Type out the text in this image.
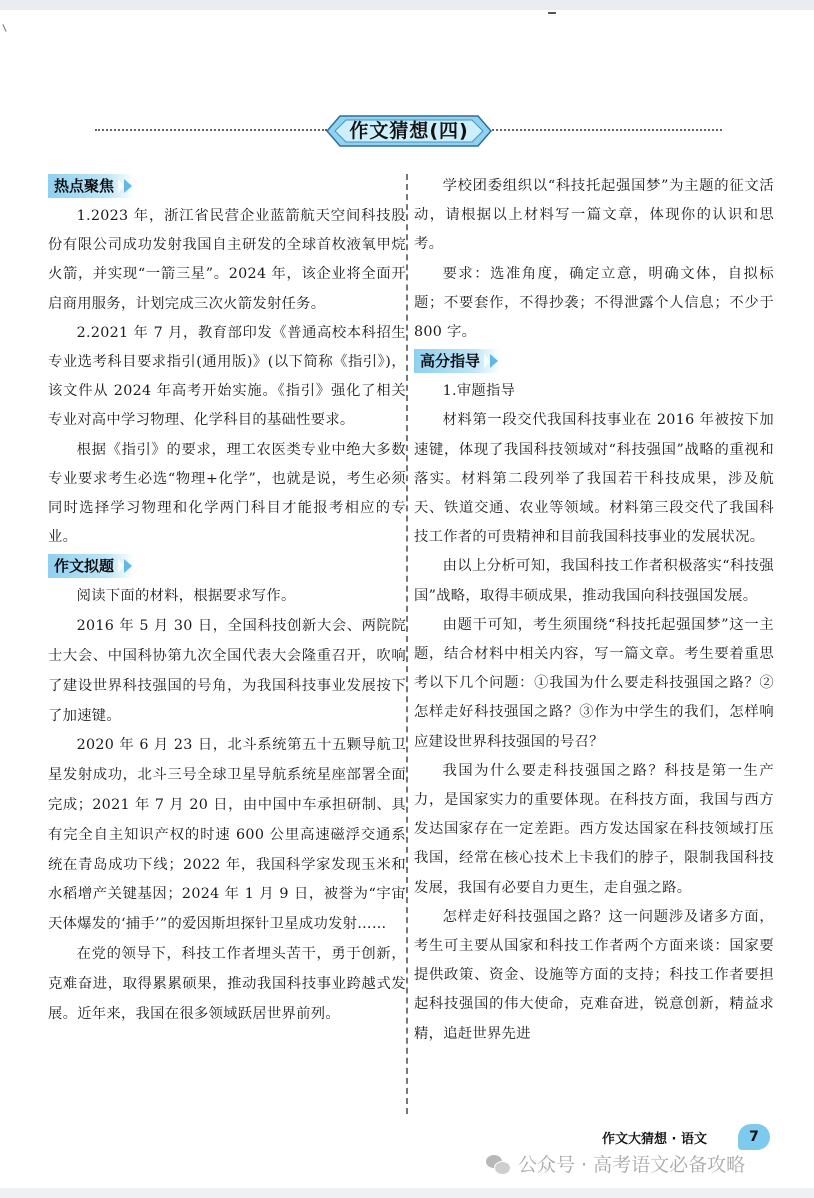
作文猜想(四)
热点聚焦

1.2023 年，浙江省民营企业蓝箭航天空间科技股份有限公司成功发射我国自主研发的全球首枚液氧甲烷火箭，并实现“一箭三星”。2024 年，该企业将全面开启商用服务，计划完成三次火箭发射任务。

2.2021 年 7 月，教育部印发《普通高校本科招生专业选考科目要求指引(通用版)》(以下简称《指引》)，该文件从 2024 年高考开始实施。《指引》强化了相关专业对高中学习物理、化学科目的基础性要求。

根据《指引》的要求，理工农医类专业中绝大多数专业要求考生必选“物理+化学”，也就是说，考生必须同时选择学习物理和化学两门科目才能报考相应的专业。

作文拟题

阅读下面的材料，根据要求写作。

2016 年 5 月 30 日，全国科技创新大会、两院院士大会、中国科协第九次全国代表大会隆重召开，吹响了建设世界科技强国的号角，为我国科技事业发展按下了加速键。

2020 年 6 月 23 日，北斗系统第五十五颗导航卫星发射成功，北斗三号全球卫星导航系统星座部署全面完成；2021 年 7 月 20 日，由中国中车承担研制、具有完全自主知识产权的时速 600 公里高速磁浮交通系统在青岛成功下线；2022 年，我国科学家发现玉米和水稻增产关键基因；2024 年 1 月 9 日，被誉为“宇宙天体爆发的‘捕手’”的爱因斯坦探针卫星成功发射……

在党的领导下，科技工作者埋头苦干，勇于创新，克难奋进，取得累累硕果，推动我国科技事业跨越式发展。近年来，我国在很多领域跃居世界前列。

学校团委组织以“科技托起强国梦”为主题的征文活动，请根据以上材料写一篇文章，体现你的认识和思考。

要求：选准角度，确定立意，明确文体，自拟标题；不要套作，不得抄袭；不得泄露个人信息；不少于 800 字。

高分指导

1.审题指导

材料第一段交代我国科技事业在 2016 年被按下加速键，体现了我国科技领域对“科技强国”战略的重视和落实。材料第二段列举了我国若干科技成果，涉及航天、铁道交通、农业等领域。材料第三段交代了我国科技工作者的可贵精神和目前我国科技事业的发展状况。

由以上分析可知，我国科技工作者积极落实“科技强国”战略，取得丰硕成果，推动我国向科技强国发展。

由题干可知，考生须围绕“科技托起强国梦”这一主题，结合材料中相关内容，写一篇文章。考生要着重思考以下几个问题：①我国为什么要走科技强国之路？②怎样走好科技强国之路？③作为中学生的我们，怎样响应建设世界科技强国的号召？

我国为什么要走科技强国之路？科技是第一生产力，是国家实力的重要体现。在科技方面，我国与西方发达国家存在一定差距。西方发达国家在科技领域打压我国，经常在核心技术上卡我们的脖子，限制我国科技发展，我国有必要自力更生，走自强之路。

怎样走好科技强国之路？这一问题涉及诸多方面，考生可主要从国家和科技工作者两个方面来谈：国家要提供政策、资金、设施等方面的支持；科技工作者要担起科技强国的伟大使命，克难奋进，锐意创新，精益求精，追赶世界先进

作文大猜想 · 语文	7
公众号 · 高考语文必备攻略
